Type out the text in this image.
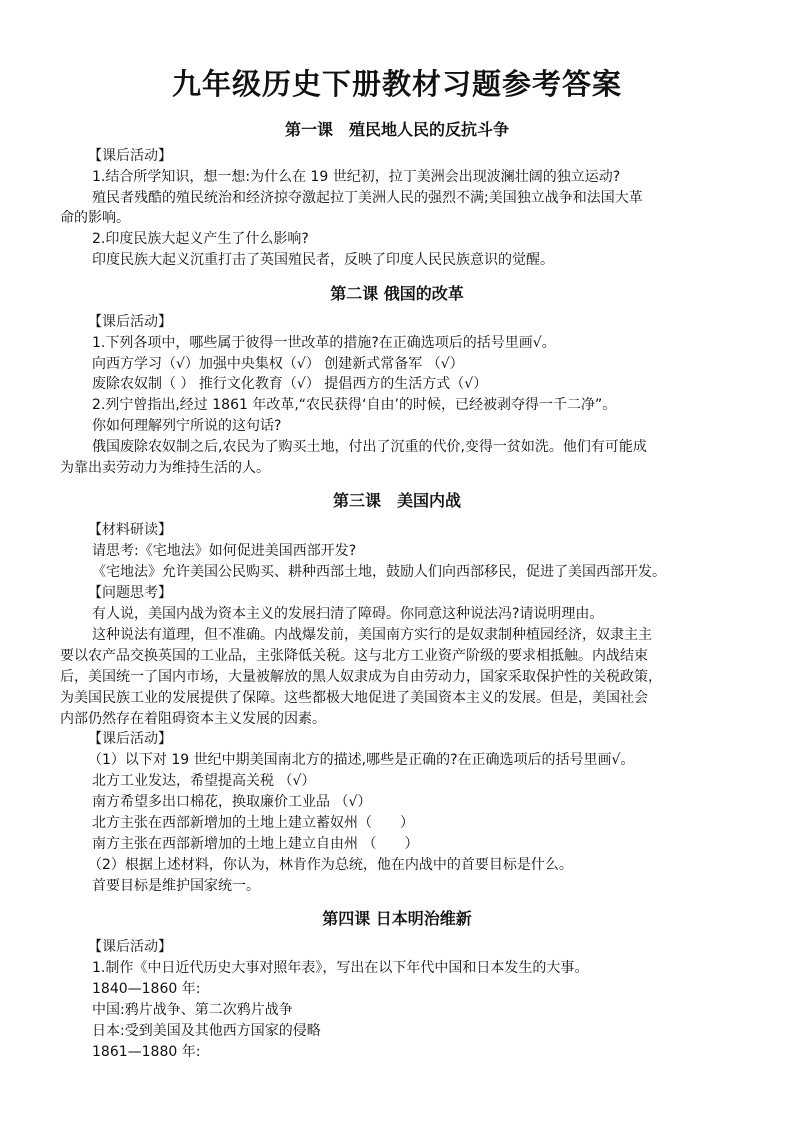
九年级历史下册教材习题参考答案
第一课　殖民地人民的反抗斗争

【课后活动】

1.结合所学知识，想一想:为什么在 19 世纪初，拉丁美洲会出现波澜壮阔的独立运动?

殖民者残酷的殖民统治和经济掠夺激起拉丁美洲人民的强烈不满;美国独立战争和法国大革

命的影响。

2.印度民族大起义产生了什么影响?

印度民族大起义沉重打击了英国殖民者，反映了印度人民民族意识的觉醒。

第二课 俄国的改革

【课后活动】

1.下列各项中，哪些属于彼得一世改革的措施?在正确选项后的括号里画√。

向西方学习（√）加强中央集权（√） 创建新式常备军 （√）

废除农奴制（ ） 推行文化教育（√） 提倡西方的生活方式（√）

2.列宁曾指出,经过 1861 年改革,“农民获得‘自由’的时候，已经被剥夺得一千二净”。

你如何理解列宁所说的这句话?

俄国废除农奴制之后,农民为了购买土地，付出了沉重的代价,变得一贫如洗。他们有可能成

为靠出卖劳动力为维持生活的人。

第三课　美国内战

【材料研读】

请思考:《宅地法》如何促进美国西部开发?

《宅地法》允许美国公民购买、耕种西部土地，鼓励人们向西部移民，促进了美国西部开发。

【问题思考】

有人说，美国内战为资本主义的发展扫清了障碍。你同意这种说法冯?请说明理由。

这种说法有道理，但不准确。内战爆发前，美国南方实行的是奴隶制种植园经济，奴隶主主

要以农产品交换英国的工业品，主张降低关税。这与北方工业资产阶级的要求相抵触。内战结束

后，美国统一了国内市场，大量被解放的黑人奴隶成为自由劳动力，国家采取保护性的关税政策，

为美国民族工业的发展提供了保障。这些都极大地促进了美国资本主义的发展。但是，美国社会

内部仍然存在着阻碍资本主义发展的因素。

【课后活动】

（1）以下对 19 世纪中期美国南北方的描述,哪些是正确的?在正确选项后的括号里画√。

北方工业发达，希望提高关税 （√）

南方希望多出口棉花，换取廉价工业品 （√）

北方主张在西部新增加的土地上建立蓄奴州（　　）

南方主张在西部新增加的土地上建立自由州 （　　）

（2）根据上述材料，你认为，林肯作为总统，他在内战中的首要目标是什么。

首要目标是维护国家统一。

第四课 日本明治维新

【课后活动】

1.制作《中日近代历史大事对照年表》，写出在以下年代中国和日本发生的大事。

1840—1860 年:

中国:鸦片战争、第二次鸦片战争

日本:受到美国及其他西方国家的侵略

1861—1880 年:
